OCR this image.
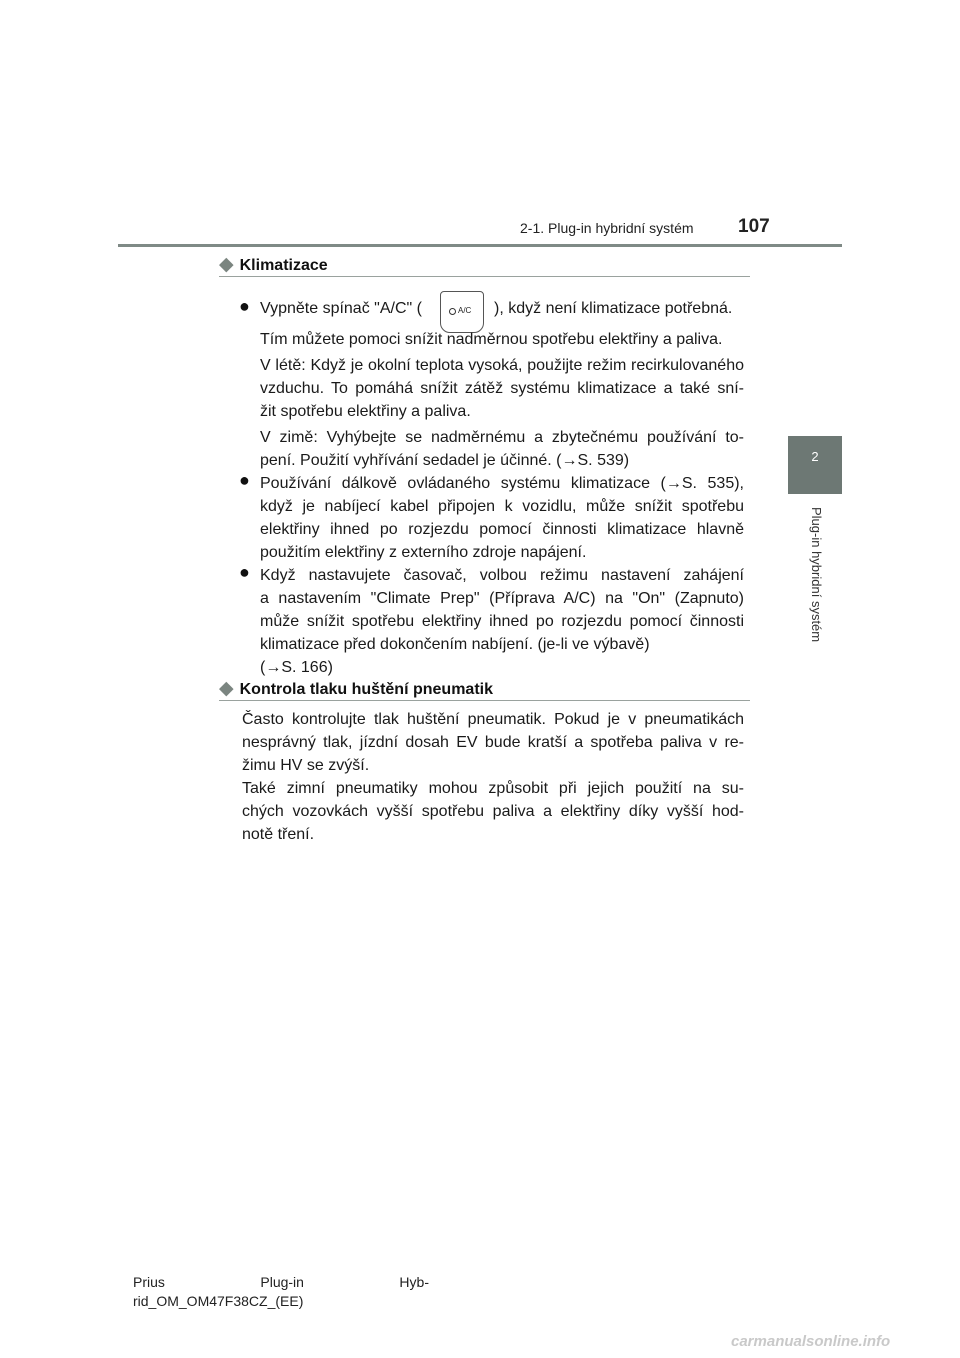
2-1. Plug-in hybridní systém 107
2
Plug-in hybridní systém
◆ Klimatizace
● Vypněte spínač "A/C" (	A/C ), když není klimatizace potřebná.
Tím můžete pomoci snížit nadměrnou spotřebu elektřiny a paliva.
V létě: Když je okolní teplota vysoká, použijte režim recirkulovaného
vzduchu. To pomáhá snížit zátěž systému klimatizace a také sní-
žit spotřebu elektřiny a paliva.
V zimě: Vyhýbejte se nadměrnému a zbytečnému používání to-
pení. Použití vyhřívání sedadel je účinné. (→S. 539)
● Používání dálkově ovládaného systému klimatizace (→S. 535),
když je nabíjecí kabel připojen k vozidlu, může snížit spotřebu
elektřiny ihned po rozjezdu pomocí činnosti klimatizace hlavně
použitím elektřiny z externího zdroje napájení.
● Když nastavujete časovač, volbou režimu nastavení zahájení
a nastavením "Climate Prep" (Příprava A/C) na "On" (Zapnuto)
může snížit spotřebu elektřiny ihned po rozjezdu pomocí činnosti
klimatizace před dokončením nabíjení. (je-li ve výbavě)
(→S. 166)
◆ Kontrola tlaku huštění pneumatik
Často kontrolujte tlak huštění pneumatik. Pokud je v pneumatikách
nesprávný tlak, jízdní dosah EV bude kratší a spotřeba paliva v re-
žimu HV se zvýší.
Také zimní pneumatiky mohou způsobit při jejich použití na su-
chých vozovkách vyšší spotřebu paliva a elektřiny díky vyšší hod-
notě tření.
Prius Plug-in Hyb-
rid_OM_OM47F38CZ_(EE)
carmanualsonline.info
